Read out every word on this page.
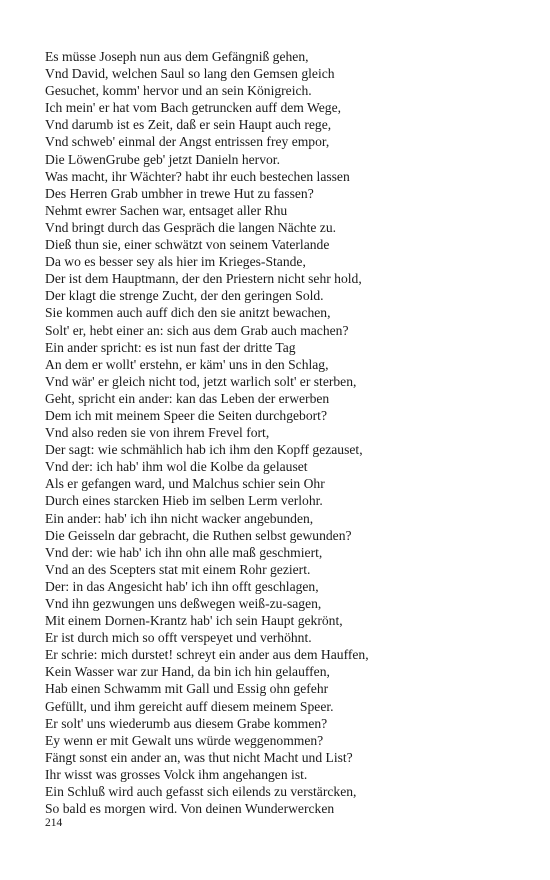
Es müsse Joseph nun aus dem Gefängniß gehen,
Vnd David, welchen Saul so lang den Gemsen gleich
Gesuchet, komm' hervor und an sein Königreich.
Ich mein' er hat vom Bach getruncken auff dem Wege,
Vnd darumb ist es Zeit, daß er sein Haupt auch rege,
Vnd schweb' einmal der Angst entrissen frey empor,
Die LöwenGrube geb' jetzt Danieln hervor.
Was macht, ihr Wächter? habt ihr euch bestechen lassen
Des Herren Grab umbher in trewe Hut zu fassen?
Nehmt ewrer Sachen war, entsaget aller Rhu
Vnd bringt durch das Gespräch die langen Nächte zu.
Dieß thun sie, einer schwätzt von seinem Vaterlande
Da wo es besser sey als hier im Krieges-Stande,
Der ist dem Hauptmann, der den Priestern nicht sehr hold,
Der klagt die strenge Zucht, der den geringen Sold.
Sie kommen auch auff dich den sie anitzt bewachen,
Solt' er, hebt einer an: sich aus dem Grab auch machen?
Ein ander spricht: es ist nun fast der dritte Tag
An dem er wollt' erstehn, er käm' uns in den Schlag,
Vnd wär' er gleich nicht tod, jetzt warlich solt' er sterben,
Geht, spricht ein ander: kan das Leben der erwerben
Dem ich mit meinem Speer die Seiten durchgebort?
Vnd also reden sie von ihrem Frevel fort,
Der sagt: wie schmählich hab ich ihm den Kopff gezauset,
Vnd der: ich hab' ihm wol die Kolbe da gelauset
Als er gefangen ward, und Malchus schier sein Ohr
Durch eines starcken Hieb im selben Lerm verlohr.
Ein ander: hab' ich ihn nicht wacker angebunden,
Die Geisseln dar gebracht, die Ruthen selbst gewunden?
Vnd der: wie hab' ich ihn ohn alle maß geschmiert,
Vnd an des Scepters stat mit einem Rohr geziert.
Der: in das Angesicht hab' ich ihn offt geschlagen,
Vnd ihn gezwungen uns deßwegen weiß-zu-sagen,
Mit einem Dornen-Krantz hab' ich sein Haupt gekrönt,
Er ist durch mich so offt verspeyet und verhöhnt.
Er schrie: mich durstet! schreyt ein ander aus dem Hauffen,
Kein Wasser war zur Hand, da bin ich hin gelauffen,
Hab einen Schwamm mit Gall und Essig ohn gefehr
Gefüllt, und ihm gereicht auff diesem meinem Speer.
Er solt' uns wiederumb aus diesem Grabe kommen?
Ey wenn er mit Gewalt uns würde weggenommen?
Fängt sonst ein ander an, was thut nicht Macht und List?
Ihr wisst was grosses Volck ihm angehangen ist.
Ein Schluß wird auch gefasst sich eilends zu verstärcken,
So bald es morgen wird. Von deinen Wunderwercken
214
